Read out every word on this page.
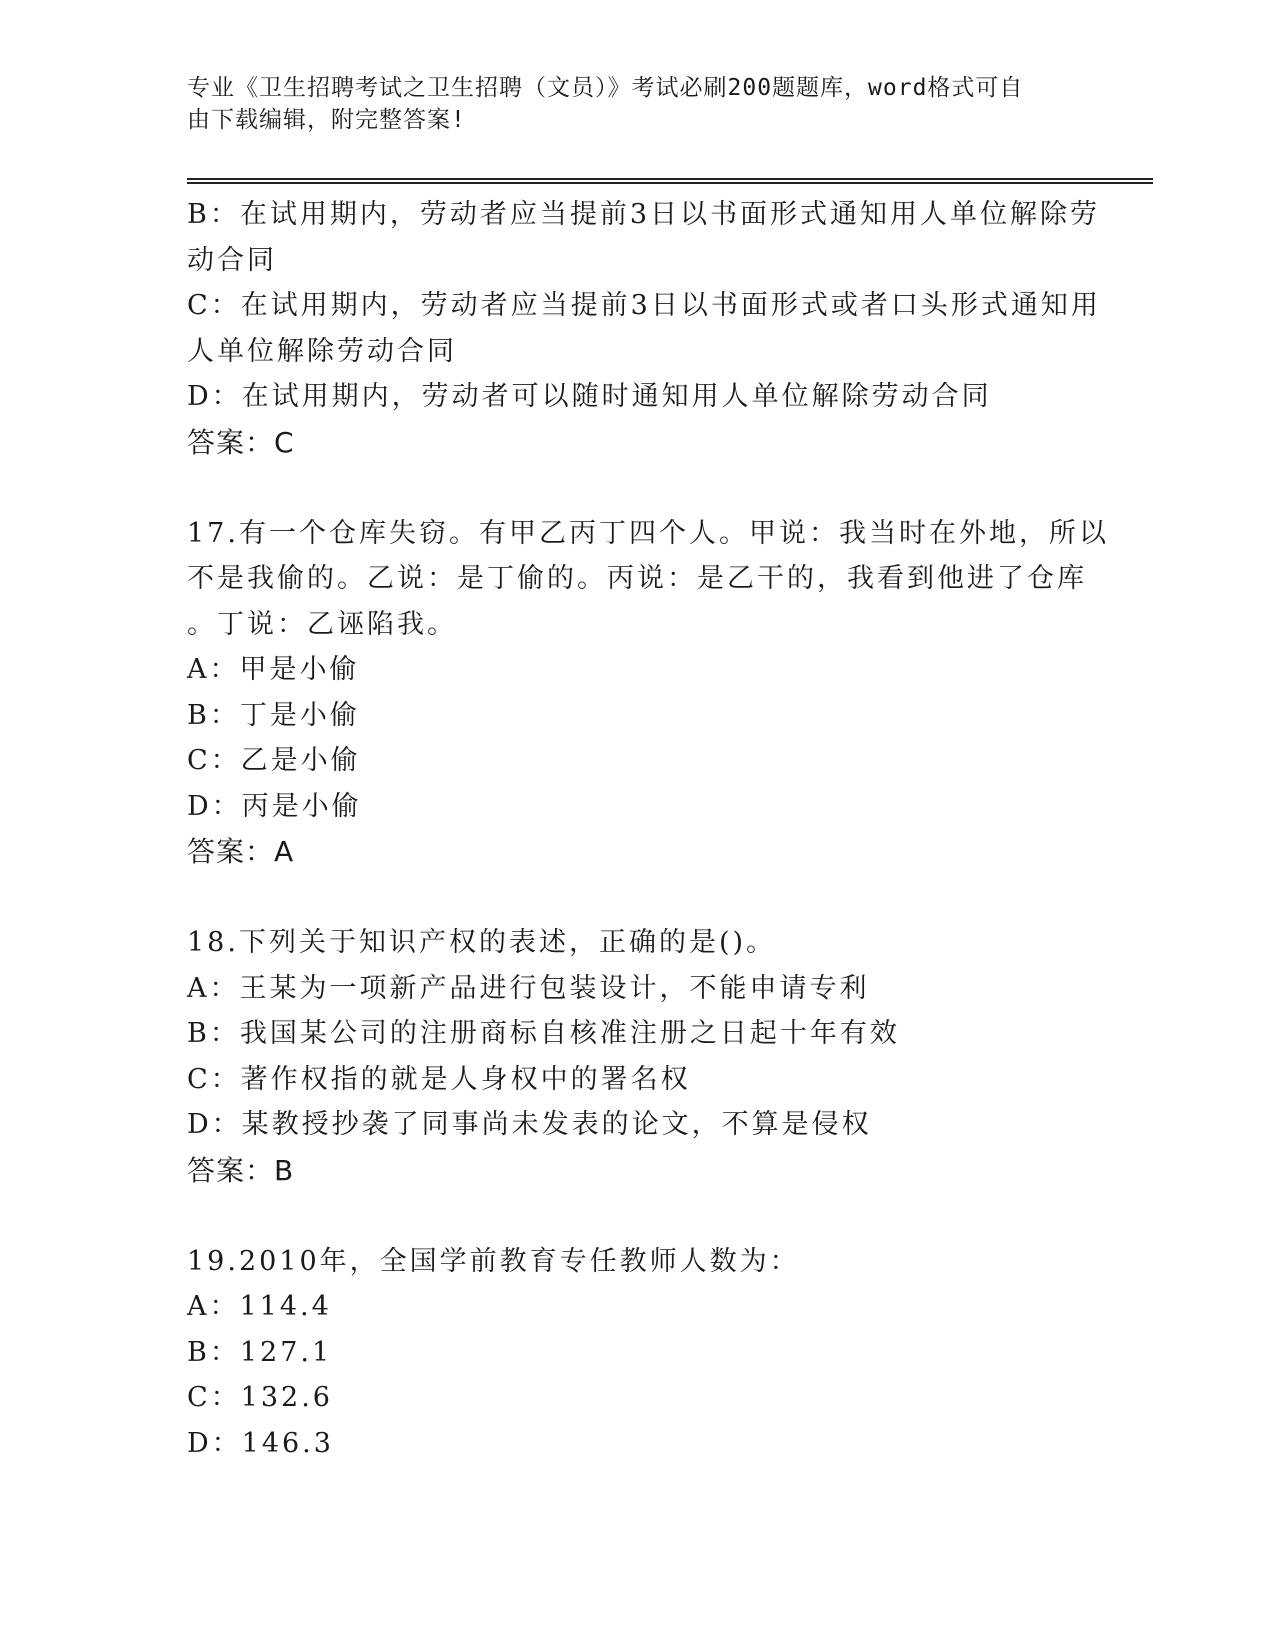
专业《卫生招聘考试之卫生招聘（文员）》考试必刷200题题库，word格式可自
由下载编辑，附完整答案!
B：在试用期内，劳动者应当提前3日以书面形式通知用人单位解除劳
动合同
C：在试用期内，劳动者应当提前3日以书面形式或者口头形式通知用
人单位解除劳动合同
D：在试用期内，劳动者可以随时通知用人单位解除劳动合同
答案：C
17.有一个仓库失窃。有甲乙丙丁四个人。甲说：我当时在外地，所以
不是我偷的。乙说：是丁偷的。丙说：是乙干的，我看到他进了仓库
。丁说：乙诬陷我。
A：甲是小偷
B：丁是小偷
C：乙是小偷
D：丙是小偷
答案：A
18.下列关于知识产权的表述，正确的是()。
A：王某为一项新产品进行包装设计，不能申请专利
B：我国某公司的注册商标自核准注册之日起十年有效
C：著作权指的就是人身权中的署名权
D：某教授抄袭了同事尚未发表的论文，不算是侵权
答案：B
19.2010年，全国学前教育专任教师人数为：
A：114.4
B：127.1
C：132.6
D：146.3
